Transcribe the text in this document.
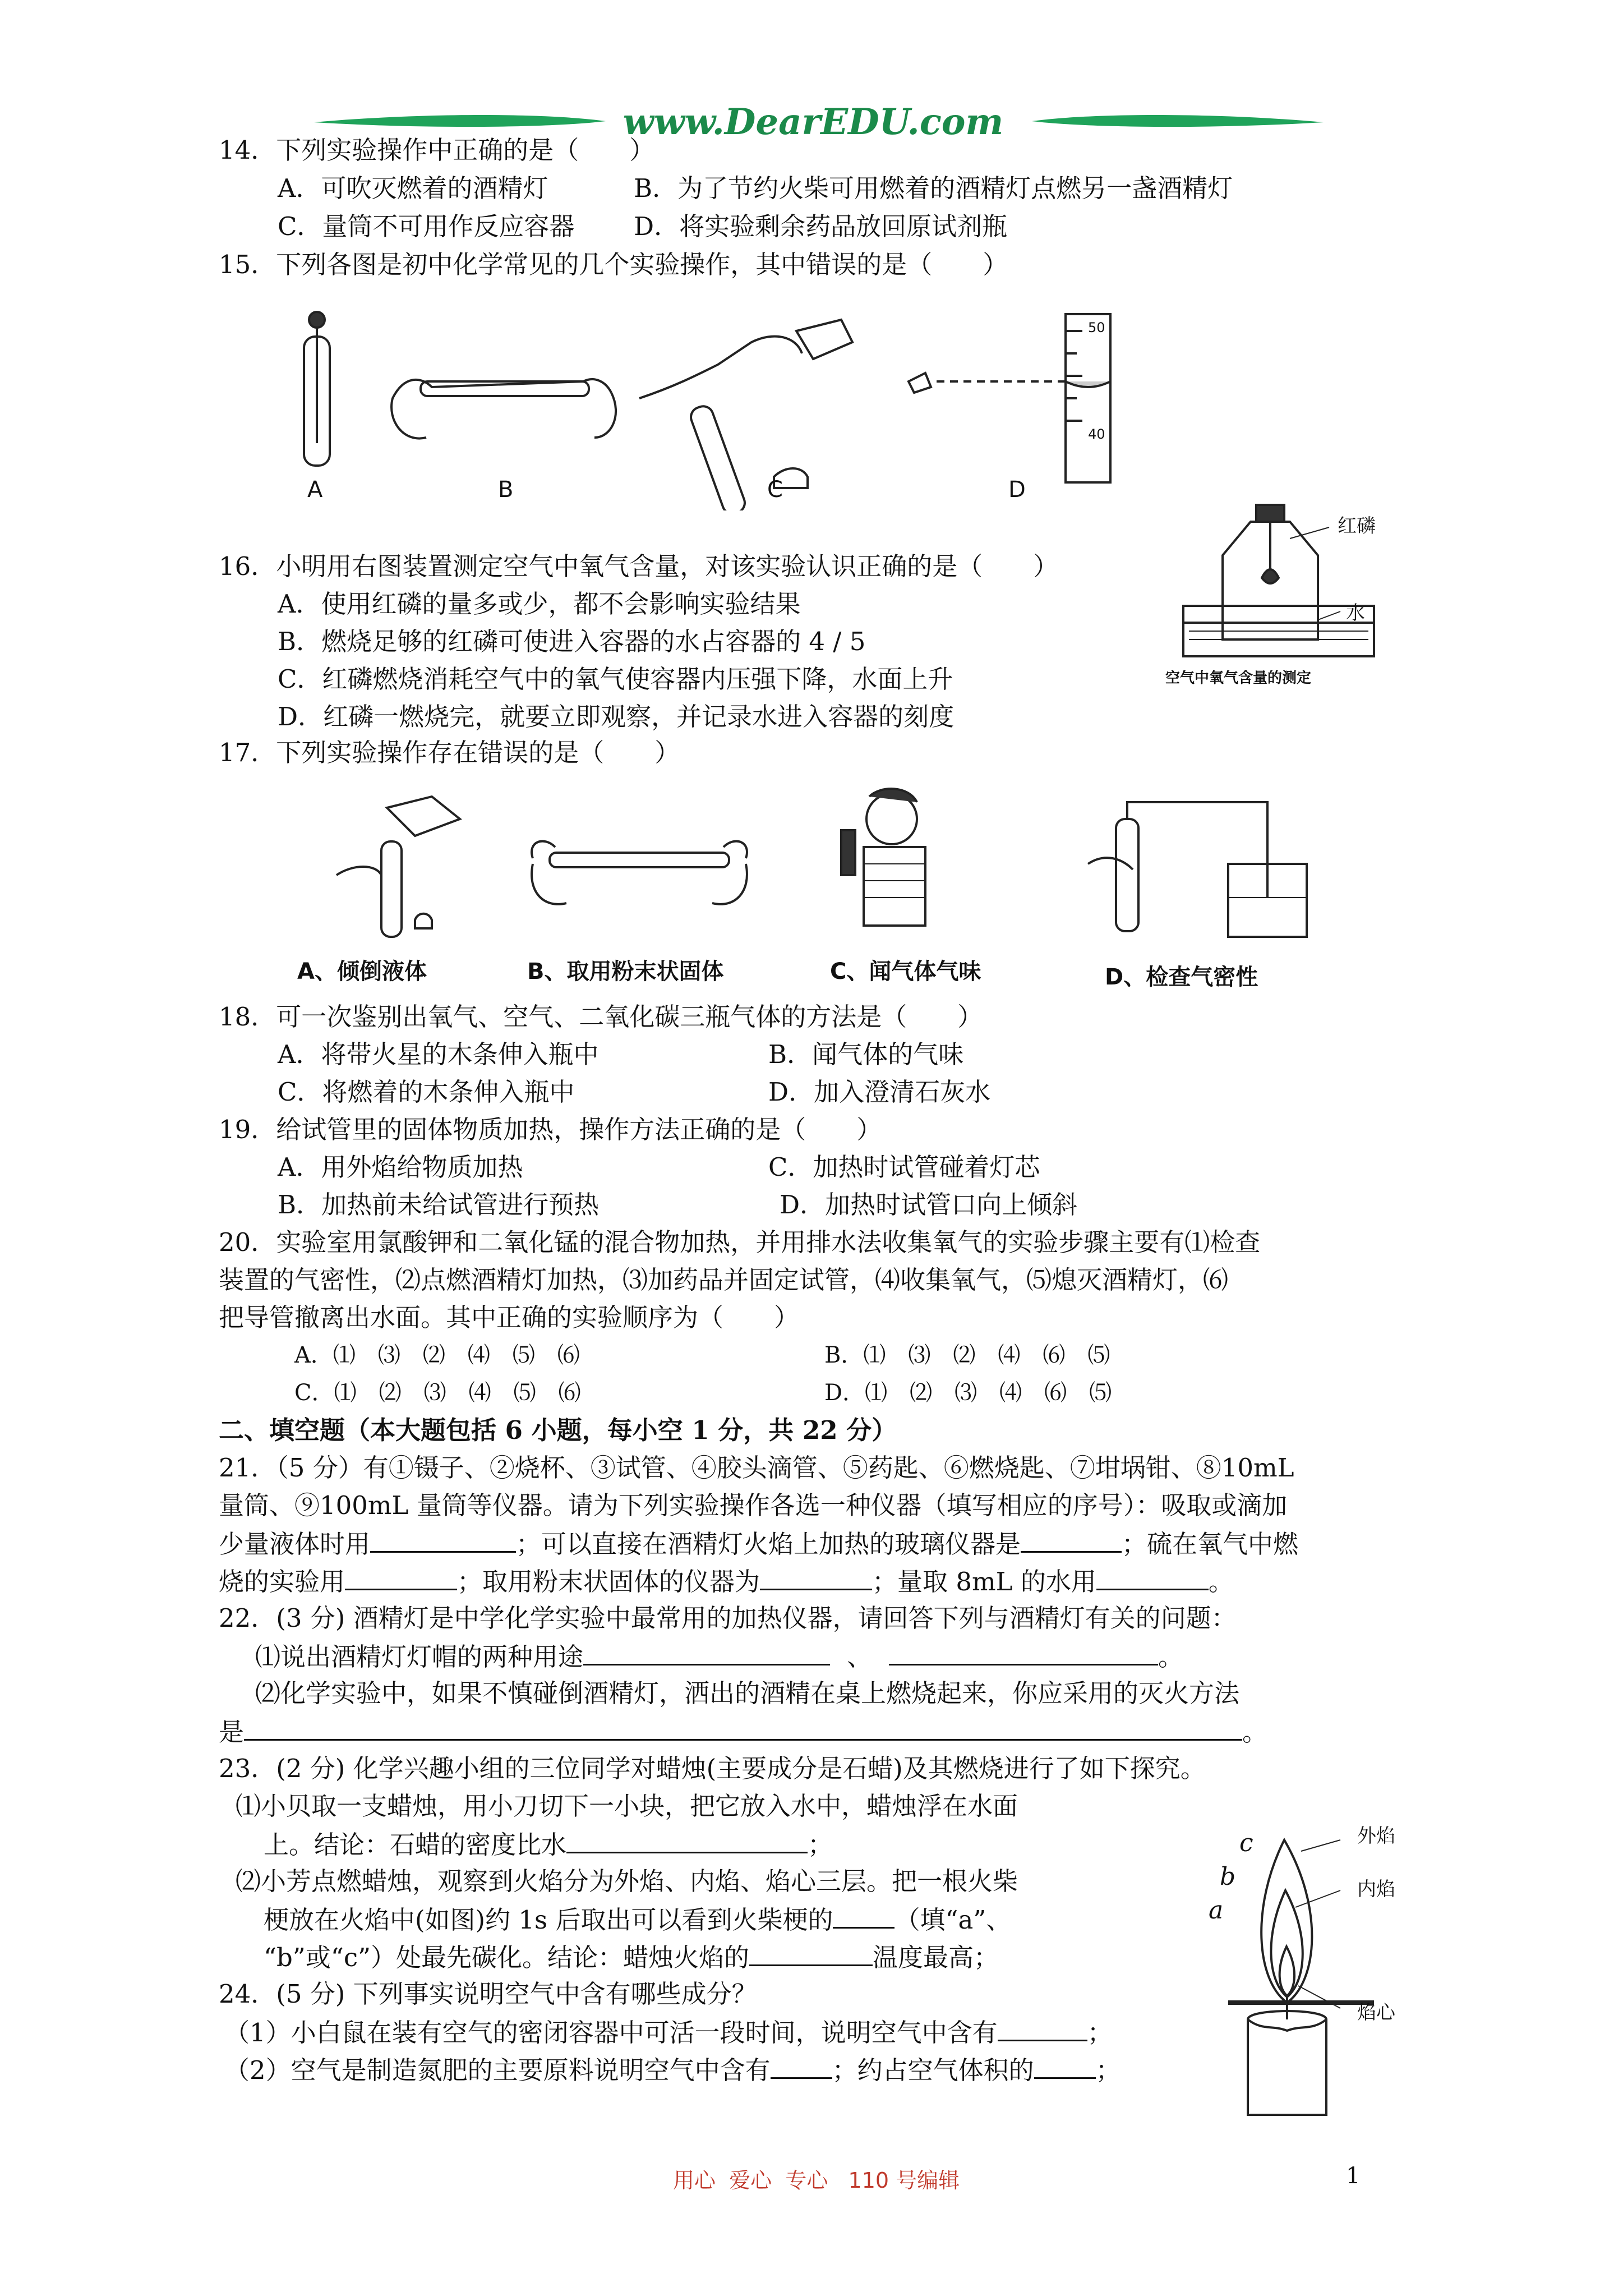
www.DearEDU.com
14．下列实验操作中正确的是（　　）
A．可吹灭燃着的酒精灯	B．为了节约火柴可用燃着的酒精灯点燃另一盏酒精灯
C．量筒不可用作反应容器 D．将实验剩余药品放回原试剂瓶
15．下列各图是初中化学常见的几个实验操作，其中错误的是（　　）
50
40
A	B	C	D
16．小明用右图装置测定空气中氧气含量，对该实验认识正确的是（　　）
A．使用红磷的量多或少，都不会影响实验结果
B．燃烧足够的红磷可使进入容器的水占容器的 4 / 5
C．红磷燃烧消耗空气中的氧气使容器内压强下降，水面上升
D．红磷一燃烧完，就要立即观察，并记录水进入容器的刻度
红磷
水
空气中氧气含量的测定
17．下列实验操作存在错误的是（　　）
A、倾倒液体	B、取用粉末状固体	C、闻气体气味	D、检查气密性
18．可一次鉴别出氧气、空气、二氧化碳三瓶气体的方法是（　　）
A．将带火星的木条伸入瓶中	B．闻气体的气味
C．将燃着的木条伸入瓶中	D．加入澄清石灰水
19．给试管里的固体物质加热，操作方法正确的是（　　）
A．用外焰给物质加热	C．加热时试管碰着灯芯
B．加热前未给试管进行预热	D．加热时试管口向上倾斜
20．实验室用氯酸钾和二氧化锰的混合物加热，并用排水法收集氧气的实验步骤主要有⑴检查
装置的气密性，⑵点燃酒精灯加热，⑶加药品并固定试管，⑷收集氧气，⑸熄灭酒精灯，⑹
把导管撤离出水面。其中正确的实验顺序为（　　）
A．⑴　⑶　⑵　⑷　⑸　⑹	B．⑴　⑶　⑵　⑷　⑹　⑸
C．⑴　⑵　⑶　⑷　⑸　⑹	D．⑴　⑵　⑶　⑷　⑹　⑸
二、填空题（本大题包括 6 小题，每小空 1 分，共 22 分）
21．（5 分）有①镊子、②烧杯、③试管、④胶头滴管、⑤药匙、⑥燃烧匙、⑦坩埚钳、⑧10mL
量筒、⑨100mL 量筒等仪器。请为下列实验操作各选一种仪器（填写相应的序号）：吸取或滴加
少量液体时用	；可以直接在酒精灯火焰上加热的玻璃仪器是	；硫在氧气中燃
烧的实验用	；取用粉末状固体的仪器为	；量取 8mL 的水用	。
22．(3 分) 酒精灯是中学化学实验中最常用的加热仪器，请回答下列与酒精灯有关的问题：
⑴说出酒精灯灯帽的两种用途	、	。
⑵化学实验中，如果不慎碰倒酒精灯，洒出的酒精在桌上燃烧起来，你应采用的灭火方法
是	。
23．(2 分) 化学兴趣小组的三位同学对蜡烛(主要成分是石蜡)及其燃烧进行了如下探究。
⑴小贝取一支蜡烛，用小刀切下一小块，把它放入水中，蜡烛浮在水面
上。结论：石蜡的密度比水	；
⑵小芳点燃蜡烛，观察到火焰分为外焰、内焰、焰心三层。把一根火柴
梗放在火焰中(如图)约 1s 后取出可以看到火柴梗的 （填“a”、
“b”或“c”）处最先碳化。结论：蜡烛火焰的	温度最高；
外焰
内焰
焰心
c
b
a
24．(5 分) 下列事实说明空气中含有哪些成分？
（1）小白鼠在装有空气的密闭容器中可活一段时间，说明空气中含有	；
（2）空气是制造氮肥的主要原料说明空气中含有 ；约占空气体积的 ；
用心  爱心  专心   110 号编辑	1
